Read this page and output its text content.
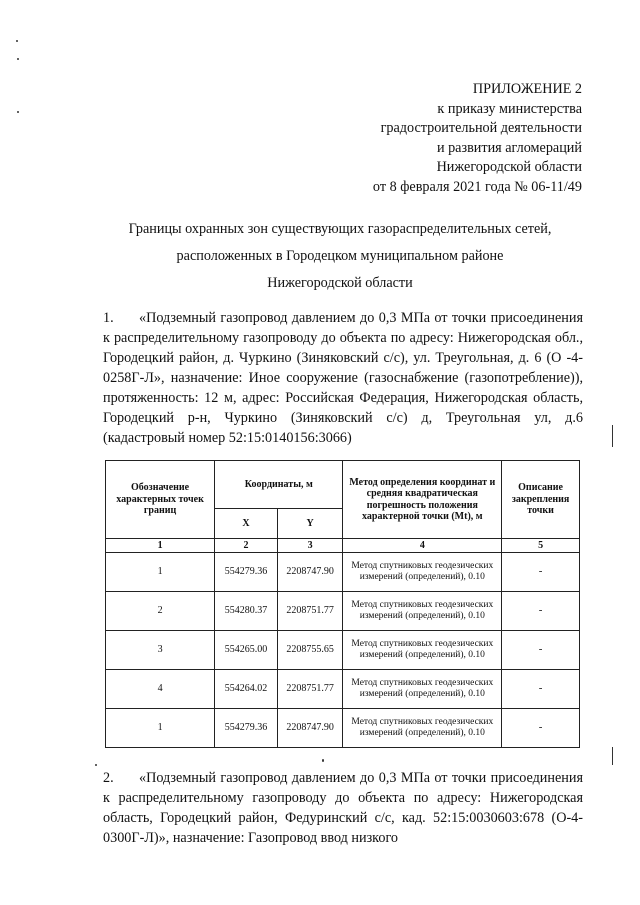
ПРИЛОЖЕНИЕ 2
к приказу министерства
градостроительной деятельности
и развития агломераций
Нижегородской области
от 8 февраля 2021 года № 06-11/49
Границы охранных зон существующих газораспределительных сетей,
расположенных в Городецком муниципальном районе
Нижегородской области
1. «Подземный газопровод давлением до 0,3 МПа от точки присоединения к распределительному газопроводу до объекта по адресу: Нижегородская обл., Городецкий район, д. Чуркино (Зиняковский с/с), ул. Треугольная, д. 6 (О -4-0258Г-Л», назначение: Иное сооружение (газоснабжение (газопотребление)), протяженность: 12 м, адрес: Российская Федерация, Нижегородская область, Городецкий р-н, Чуркино (Зиняковский с/с) д, Треугольная ул, д.6 (кадастровый номер 52:15:0140156:3066)
Обозначение характерных точек границ	Координаты, м		Метод определения координат и средняя квадратическая погрешность положения характерной точки (Mt), м	Описание закрепления точки
	X	Y		
1	2	3	4	5
1	554279.36	2208747.90	Метод спутниковых геодезических измерений (определений), 0.10	-
2	554280.37	2208751.77	Метод спутниковых геодезических измерений (определений), 0.10	-
3	554265.00	2208755.65	Метод спутниковых геодезических измерений (определений), 0.10	-
4	554264.02	2208751.77	Метод спутниковых геодезических измерений (определений), 0.10	-
1	554279.36	2208747.90	Метод спутниковых геодезических измерений (определений), 0.10	-
2. «Подземный газопровод давлением до 0,3 МПа от точки присоединения к распределительному газопроводу до объекта по адресу: Нижегородская область, Городецкий район, Федуринский с/с, кад. 52:15:0030603:678 (О-4-0300Г-Л)», назначение: Газопровод ввод низкого
